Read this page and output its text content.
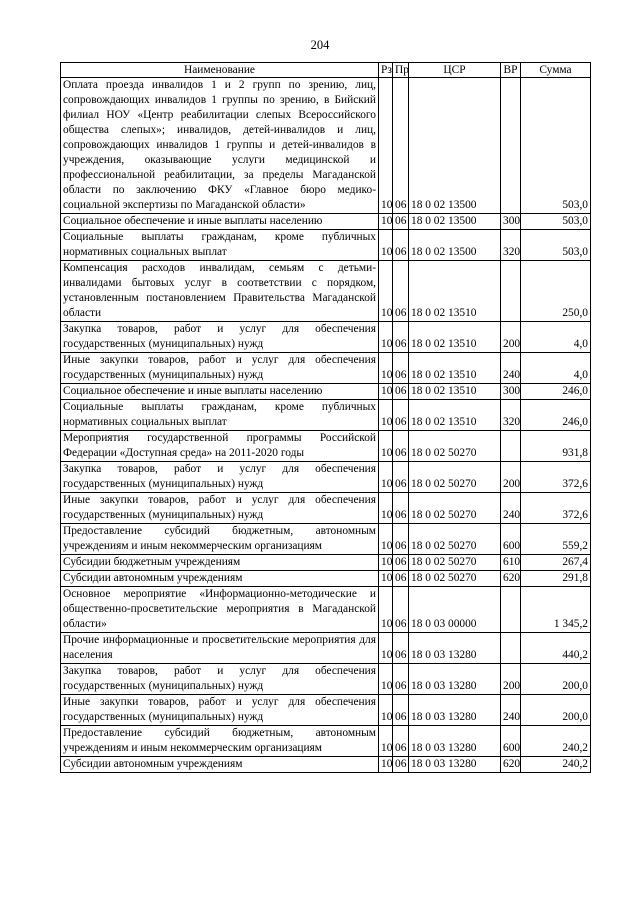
204
Наименование	Рз	Пр	ЦСР	ВР	Сумма
Оплата проезда инвалидов 1 и 2 групп по зрению, лиц, сопровождающих инвалидов 1 группы по зрению, в Бийский филиал НОУ «Центр реабилитации слепых Всероссийского общества слепых»; инвалидов, детей-инвалидов и лиц, сопровождающих инвалидов 1 группы и детей-инвалидов в учреждения, оказывающие услуги медицинской и профессиональной реабилитации, за пределы Магаданской области по заключению ФКУ «Главное бюро медико-социальной экспертизы по Магаданской области»	10	06	18 0 02 13500		503,0
Социальное обеспечение и иные выплаты населению	10	06	18 0 02 13500	300	503,0
Социальные выплаты гражданам, кроме публичных нормативных социальных выплат	10	06	18 0 02 13500	320	503,0
Компенсация расходов инвалидам, семьям с детьми-инвалидами бытовых услуг в соответствии с порядком, установленным постановлением Правительства Магаданской области	10	06	18 0 02 13510		250,0
Закупка товаров, работ и услуг для обеспечения государственных (муниципальных) нужд	10	06	18 0 02 13510	200	4,0
Иные закупки товаров, работ и услуг для обеспечения государственных (муниципальных) нужд	10	06	18 0 02 13510	240	4,0
Социальное обеспечение и иные выплаты населению	10	06	18 0 02 13510	300	246,0
Социальные выплаты гражданам, кроме публичных нормативных социальных выплат	10	06	18 0 02 13510	320	246,0
Мероприятия государственной программы Российской Федерации «Доступная среда» на 2011-2020 годы	10	06	18 0 02 50270		931,8
Закупка товаров, работ и услуг для обеспечения государственных (муниципальных) нужд	10	06	18 0 02 50270	200	372,6
Иные закупки товаров, работ и услуг для обеспечения государственных (муниципальных) нужд	10	06	18 0 02 50270	240	372,6
Предоставление субсидий бюджетным, автономным учреждениям и иным некоммерческим организациям	10	06	18 0 02 50270	600	559,2
Субсидии бюджетным учреждениям	10	06	18 0 02 50270	610	267,4
Субсидии автономным учреждениям	10	06	18 0 02 50270	620	291,8
Основное мероприятие «Информационно-методические и общественно-просветительские мероприятия в Магаданской области»	10	06	18 0 03 00000		1 345,2
Прочие информационные и просветительские мероприятия для населения	10	06	18 0 03 13280		440,2
Закупка товаров, работ и услуг для обеспечения государственных (муниципальных) нужд	10	06	18 0 03 13280	200	200,0
Иные закупки товаров, работ и услуг для обеспечения государственных (муниципальных) нужд	10	06	18 0 03 13280	240	200,0
Предоставление субсидий бюджетным, автономным учреждениям и иным некоммерческим организациям	10	06	18 0 03 13280	600	240,2
Субсидии автономным учреждениям	10	06	18 0 03 13280	620	240,2
